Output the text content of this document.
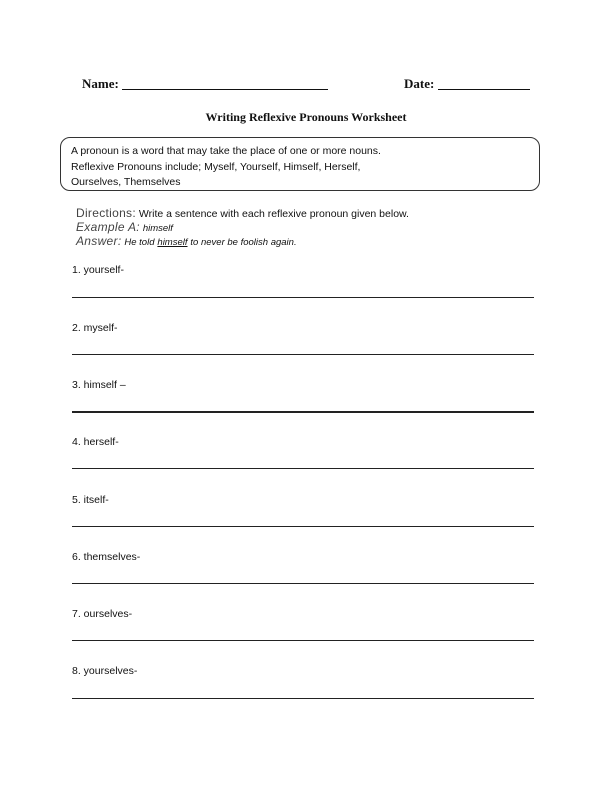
Name:	Date:
Writing Reflexive Pronouns Worksheet

A pronoun is a word that may take the place of one or more nouns.

Reflexive Pronouns include; Myself, Yourself, Himself, Herself,

Ourselves, Themselves

Directions: Write a sentence with each reflexive pronoun given below.
Example A: himself
Answer: He told himself to never be foolish again.
1. yourself-
2. myself-
3. himself –
4. herself-
5. itself-
6. themselves-
7. ourselves-
8. yourselves-
